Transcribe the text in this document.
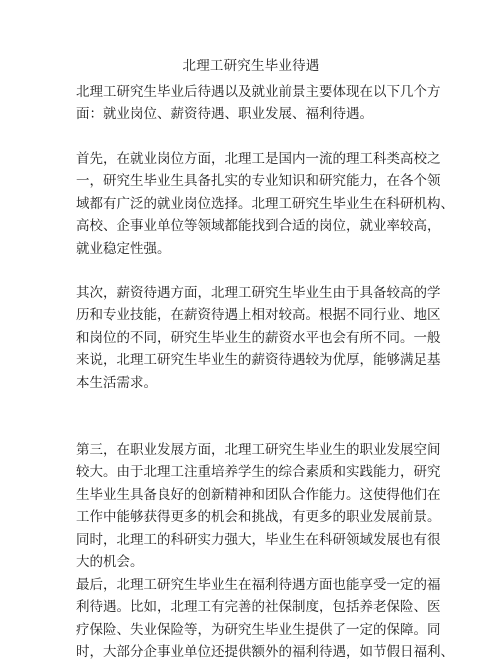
北理工研究生毕业待遇
北理工研究生毕业后待遇以及就业前景主要体现在以下几个方
面：就业岗位、薪资待遇、职业发展、福利待遇。
首先，在就业岗位方面，北理工是国内一流的理工科类高校之
一，研究生毕业生具备扎实的专业知识和研究能力，在各个领
域都有广泛的就业岗位选择。北理工研究生毕业生在科研机构、
高校、企事业单位等领域都能找到合适的岗位，就业率较高，
就业稳定性强。
其次，薪资待遇方面，北理工研究生毕业生由于具备较高的学
历和专业技能，在薪资待遇上相对较高。根据不同行业、地区
和岗位的不同，研究生毕业生的薪资水平也会有所不同。一般
来说，北理工研究生毕业生的薪资待遇较为优厚，能够满足基
本生活需求。
第三，在职业发展方面，北理工研究生毕业生的职业发展空间
较大。由于北理工注重培养学生的综合素质和实践能力，研究
生毕业生具备良好的创新精神和团队合作能力。这使得他们在
工作中能够获得更多的机会和挑战，有更多的职业发展前景。
同时，北理工的科研实力强大，毕业生在科研领域发展也有很
大的机会。
最后，北理工研究生毕业生在福利待遇方面也能享受一定的福
利待遇。比如，北理工有完善的社保制度，包括养老保险、医
疗保险、失业保险等，为研究生毕业生提供了一定的保障。同
时，大部分企事业单位还提供额外的福利待遇，如节假日福利、
